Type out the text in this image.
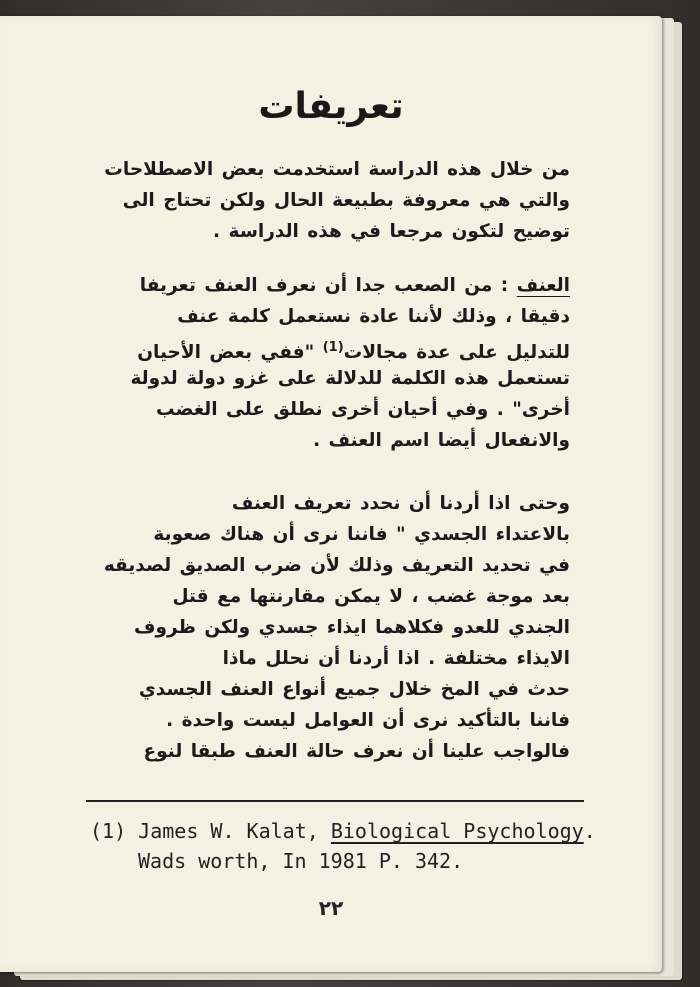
تعريفات
من خلال هذه الدراسة استخدمت بعض الاصطلاحات
والتي هي معروفة بطبيعة الحال ولكن تحتاج الى
توضيح لتكون مرجعا في هذه الدراسة .
العنف : من الصعب جدا أن نعرف العنف تعريفا
دقيقا ، وذلك لأننا عادة نستعمل كلمة عنف
للتدليل على عدة مجالات$^{(1)}$ "ففي بعض الأحيان
تستعمل هذه الكلمة للدلالة على غزو دولة لدولة
أخرى" . وفي أحيان أخرى نطلق على الغضب
والانفعال أيضا اسم العنف .
وحتى اذا أردنا أن نحدد تعريف العنف
بالاعتداء الجسدي " فاننا نرى أن هناك صعوبة
في تحديد التعريف وذلك لأن ضرب الصديق لصديقه
بعد موجة غضب ، لا يمكن مقارنتها مع قتل
الجندي للعدو فكلاهما ايذاء جسدي ولكن ظروف
الايذاء مختلفة . اذا أردنا أن نحلل ماذا
حدث في المخ خلال جميع أنواع العنف الجسدي
فاننا بالتأكيد نرى أن العوامل ليست واحدة .
فالواجب علينا أن نعرف حالة العنف طبقا لنوع
(1) James W. Kalat, Biological Psychology.
Wads worth, In 1981 P. 342.
٢٢
